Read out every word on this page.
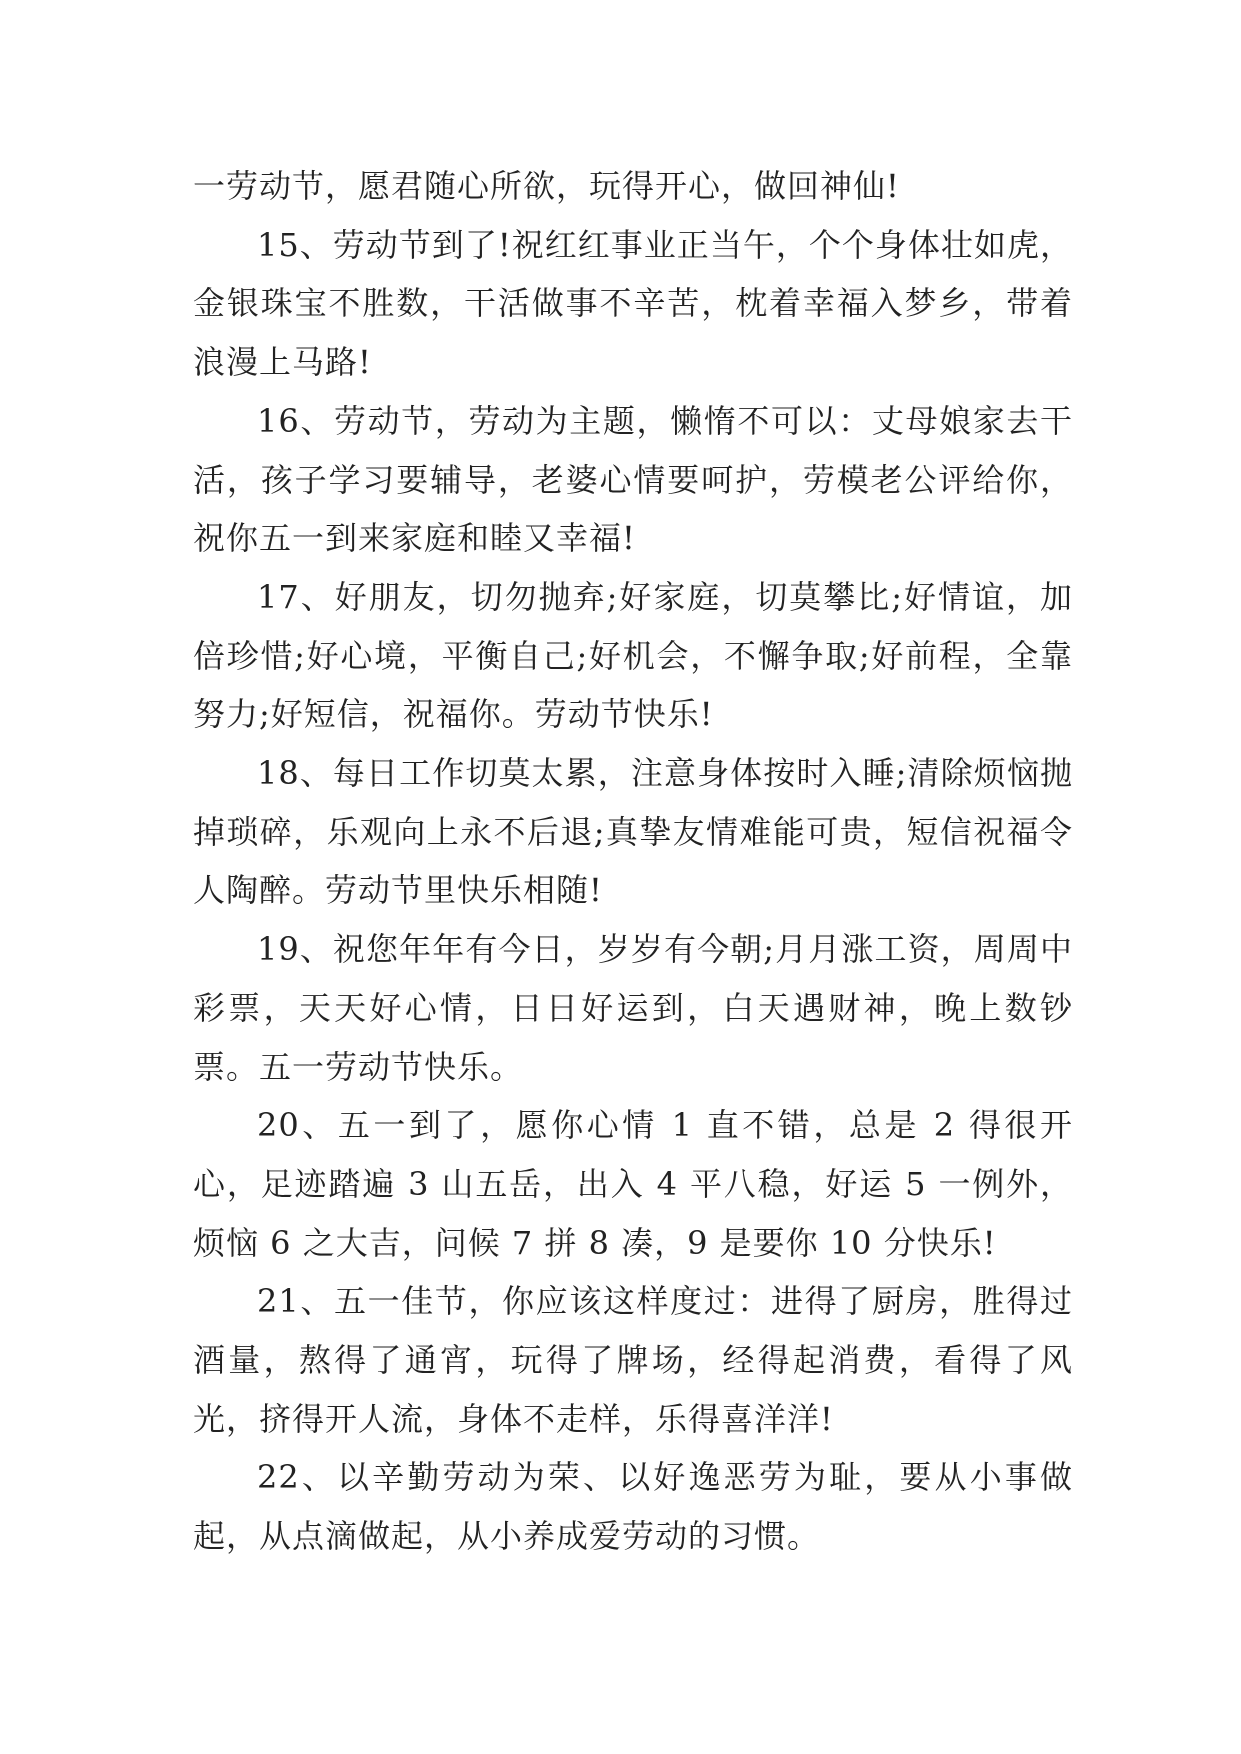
一劳动节，愿君随心所欲，玩得开心，做回神仙!

15、劳动节到了!祝红红事业正当午，个个身体壮如虎，金银珠宝不胜数，干活做事不辛苦，枕着幸福入梦乡，带着浪漫上马路!

16、劳动节，劳动为主题，懒惰不可以：丈母娘家去干活，孩子学习要辅导，老婆心情要呵护，劳模老公评给你，祝你五一到来家庭和睦又幸福!

17、好朋友，切勿抛弃;好家庭，切莫攀比;好情谊，加倍珍惜;好心境，平衡自己;好机会，不懈争取;好前程，全靠努力;好短信，祝福你。劳动节快乐!

18、每日工作切莫太累，注意身体按时入睡;清除烦恼抛掉琐碎，乐观向上永不后退;真挚友情难能可贵，短信祝福令人陶醉。劳动节里快乐相随!

19、祝您年年有今日，岁岁有今朝;月月涨工资，周周中彩票，天天好心情，日日好运到，白天遇财神，晚上数钞票。五一劳动节快乐。

20、五一到了，愿你心情 1 直不错，总是 2 得很开心，足迹踏遍 3 山五岳，出入 4 平八稳，好运 5 一例外，烦恼 6 之大吉，问候 7 拼 8 凑，9 是要你 10 分快乐!

21、五一佳节，你应该这样度过：进得了厨房，胜得过酒量，熬得了通宵，玩得了牌场，经得起消费，看得了风光，挤得开人流，身体不走样，乐得喜洋洋!

22、以辛勤劳动为荣、以好逸恶劳为耻，要从小事做起，从点滴做起，从小养成爱劳动的习惯。
